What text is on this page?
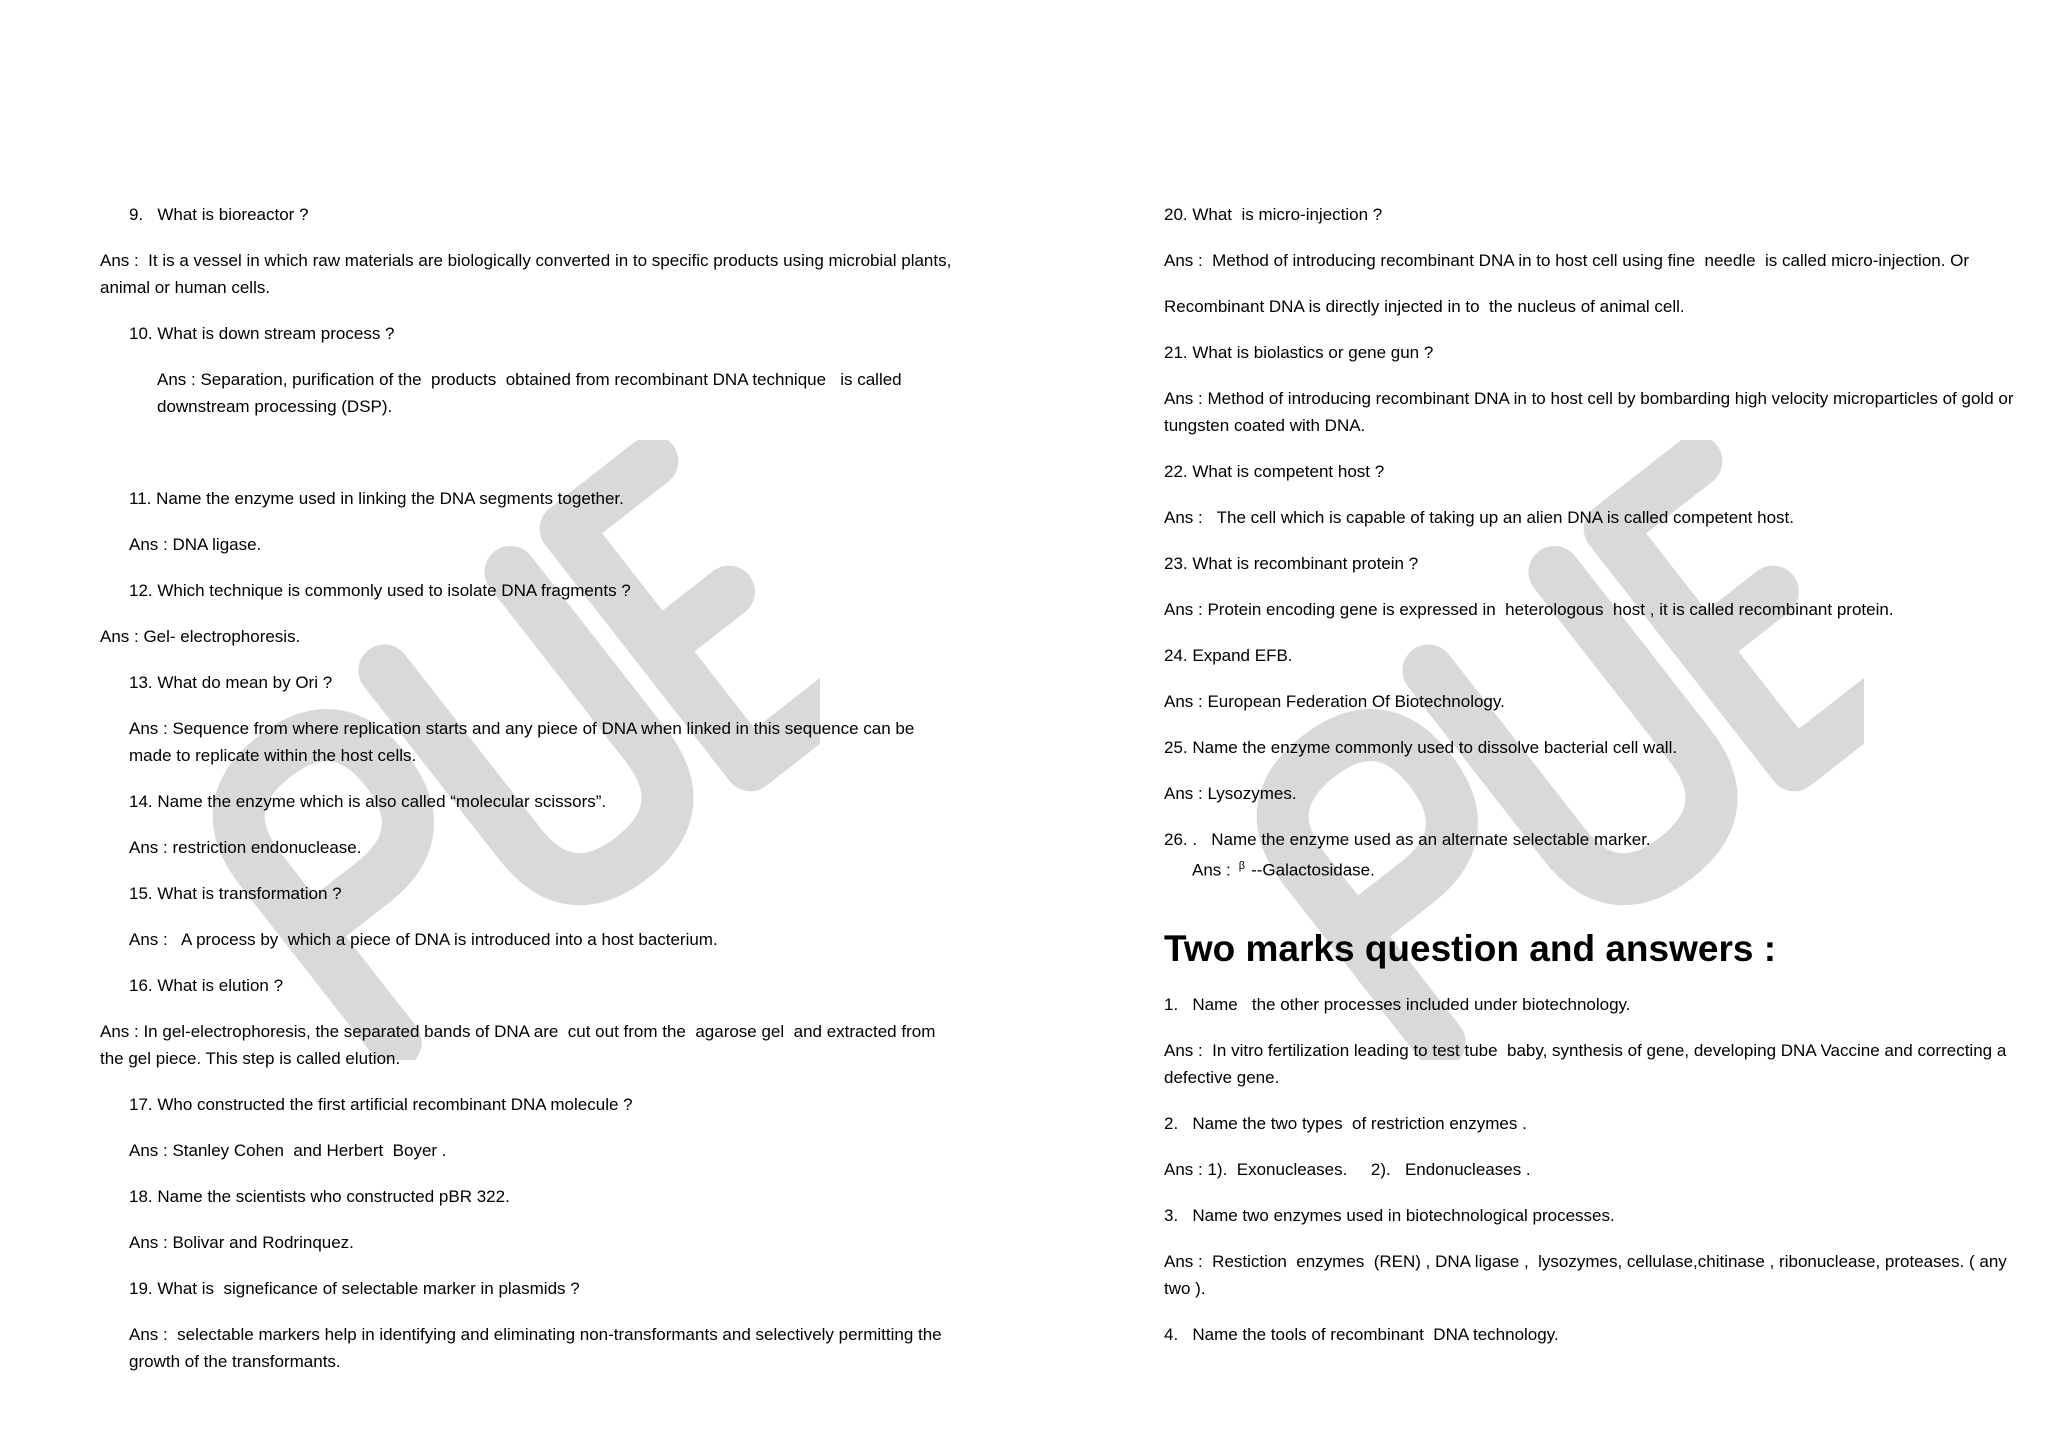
9.   What is bioreactor ?

Ans :  It is a vessel in which raw materials are biologically converted in to specific products using microbial plants, animal or human cells.

10. What is down stream process ?

Ans : Separation, purification of the  products  obtained from recombinant DNA technique   is called downstream processing (DSP).

11. Name the enzyme used in linking the DNA segments together.

Ans : DNA ligase.

12. Which technique is commonly used to isolate DNA fragments ?

Ans : Gel- electrophoresis.

13. What do mean by Ori ?

Ans : Sequence from where replication starts and any piece of DNA when linked in this sequence can be made to replicate within the host cells.

14. Name the enzyme which is also called “molecular scissors”.

Ans : restriction endonuclease.

15. What is transformation ?

Ans :   A process by  which a piece of DNA is introduced into a host bacterium.

16. What is elution ?

Ans : In gel-electrophoresis, the separated bands of DNA are  cut out from the  agarose gel  and extracted from the gel piece. This step is called elution.

17. Who constructed the first artificial recombinant DNA molecule ?

Ans : Stanley Cohen  and Herbert  Boyer .

18. Name the scientists who constructed pBR 322.

Ans : Bolivar and Rodrinquez.

19. What is  signeficance of selectable marker in plasmids ?

Ans :  selectable markers help in identifying and eliminating non-transformants and selectively permitting the growth of the transformants.

20. What  is micro-injection ?

Ans :  Method of introducing recombinant DNA in to host cell using fine  needle  is called micro-injection. Or

Recombinant DNA is directly injected in to  the nucleus of animal cell.

21. What is biolastics or gene gun ?

Ans : Method of introducing recombinant DNA in to host cell by bombarding high velocity microparticles of gold or tungsten coated with DNA.

22. What is competent host ?

Ans :   The cell which is capable of taking up an alien DNA is called competent host.

23. What is recombinant protein ?

Ans : Protein encoding gene is expressed in  heterologous  host , it is called recombinant protein.

24. Expand EFB.

Ans : European Federation Of Biotechnology.

25. Name the enzyme commonly used to dissolve bacterial cell wall.

Ans : Lysozymes.

26. .   Name the enzyme used as an alternate selectable marker.

Ans : $^\beta$ --Galactosidase.

Two marks question and answers :

1.   Name   the other processes included under biotechnology.

Ans :  In vitro fertilization leading to test tube  baby, synthesis of gene, developing DNA Vaccine and correcting a defective gene.

2.   Name the two types  of restriction enzymes .

Ans : 1).  Exonucleases.     2).   Endonucleases .

3.   Name two enzymes used in biotechnological processes.

Ans :  Restiction  enzymes  (REN) , DNA ligase ,  lysozymes, cellulase,chitinase , ribonuclease, proteases. ( any two ).

4.   Name the tools of recombinant  DNA technology.
